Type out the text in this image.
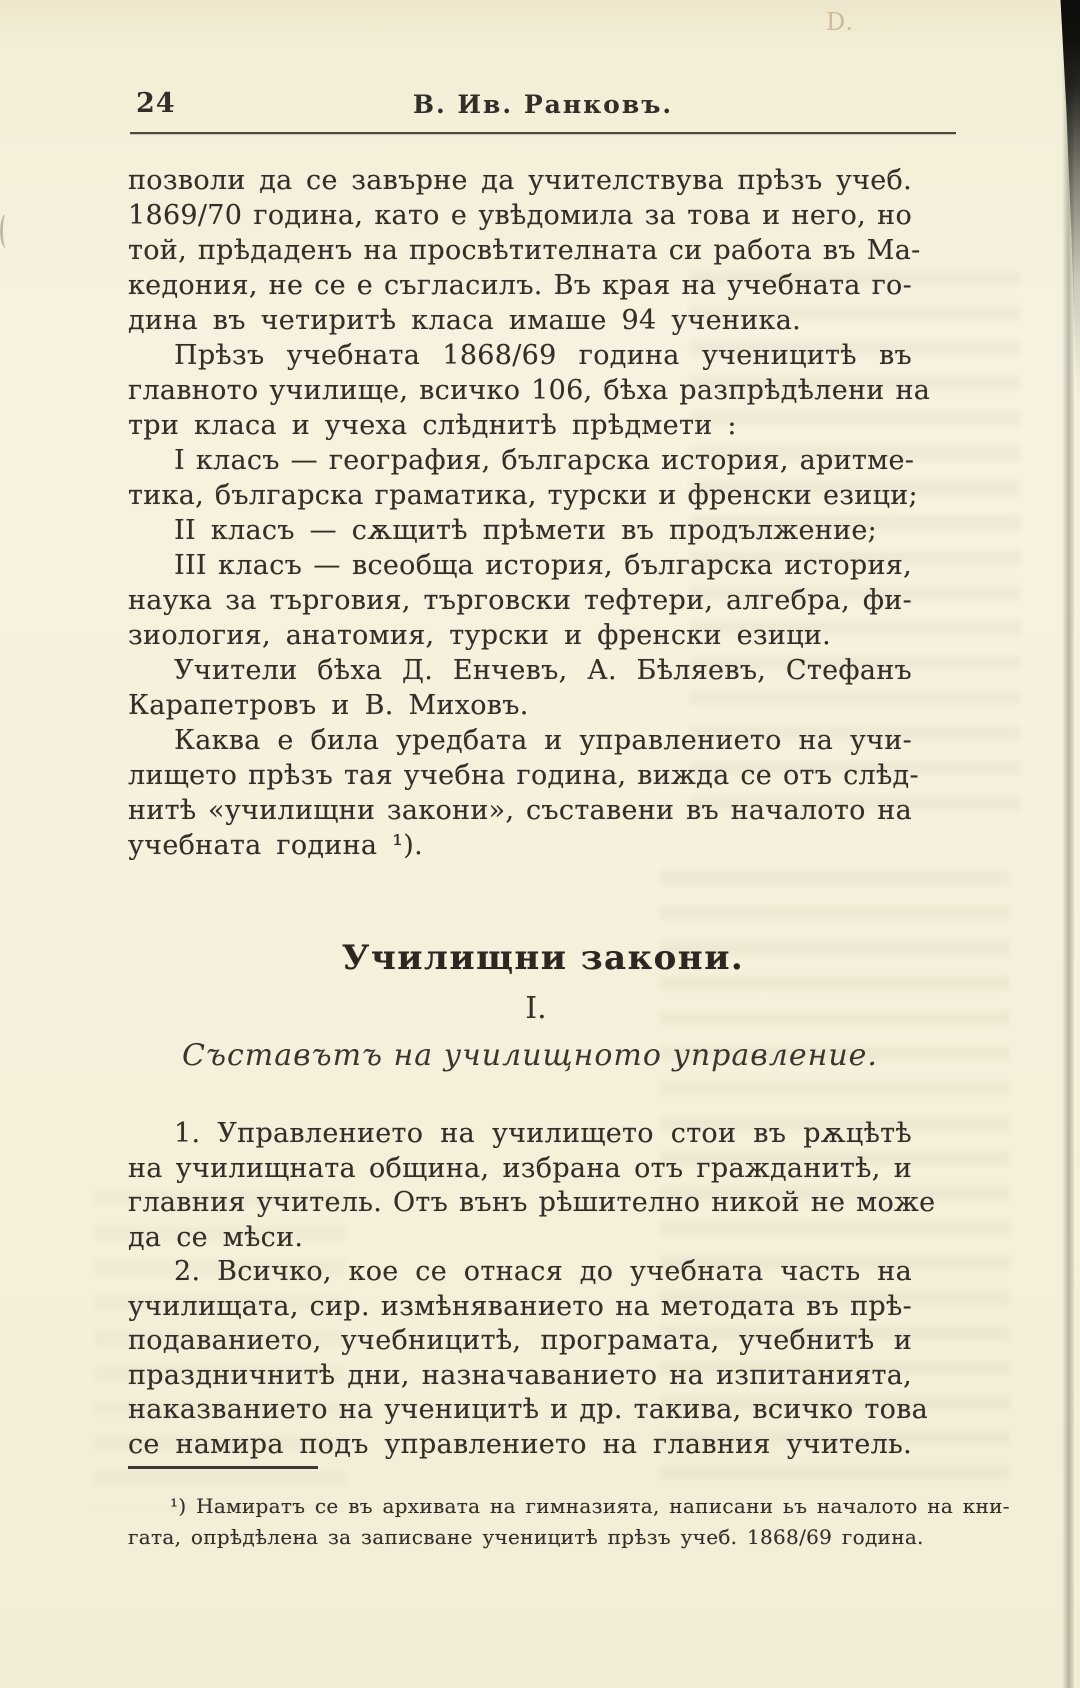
D.
24	В. Ив. Ранковъ.
позволи да се завърне да учителствува прѣзъ учеб.
1869/70 година, като е увѣдомила за това и него, но
той, прѣдаденъ на просвѣтителната си работа въ Ма-
кедония, не се е съгласилъ. Въ края на учебната го-
дина въ четиритѣ класа имаше 94 ученика.
Прѣзъ учебната 1868/69 година ученицитѣ въ
главното училище, всичко 106, бѣха разпрѣдѣлени на
три класа и учеха слѣднитѣ прѣдмети :
I класъ — география, българска история, аритме-
тика, българска граматика, турски и френски езици;
II класъ — сѫщитѣ прѣмети въ продължение;
III класъ — всеобща история, българска история,
наука за търговия, търговски тефтери, алгебра, фи-
зиология, анатомия, турски и френски езици.
Учители бѣха Д. Енчевъ, А. Бѣляевъ, Стефанъ
Карапетровъ и В. Миховъ.
Каква е била уредбата и управлението на учи-
лището прѣзъ тая учебна година, вижда се отъ слѣд-
нитѣ «училищни закони», съставени въ началото на
учебната година ¹).
Училищни закони.
I.
Съставътъ на училищното управление.
1. Управлението на училището стои въ рѫцѣтѣ
на училищната община, избрана отъ гражданитѣ, и
главния учитель. Отъ вънъ рѣшително никой не може
да се мѣси.
2. Всичко, кое се отнася до учебната часть на
училищата, сир. измѣняванието на методата въ прѣ-
подаванието, учебницитѣ, програмата, учебнитѣ и
праздничнитѣ дни, назначаванието на изпитанията,
наказванието на ученицитѣ и др. такива, всичко това
се намира подъ управлението на главния учитель.
¹) Намиратъ се въ архивата на гимназията, написани ьъ началото на кни-
гата, опрѣдѣлена за записване ученицитѣ прѣзъ учеб. 1868/69 година.
